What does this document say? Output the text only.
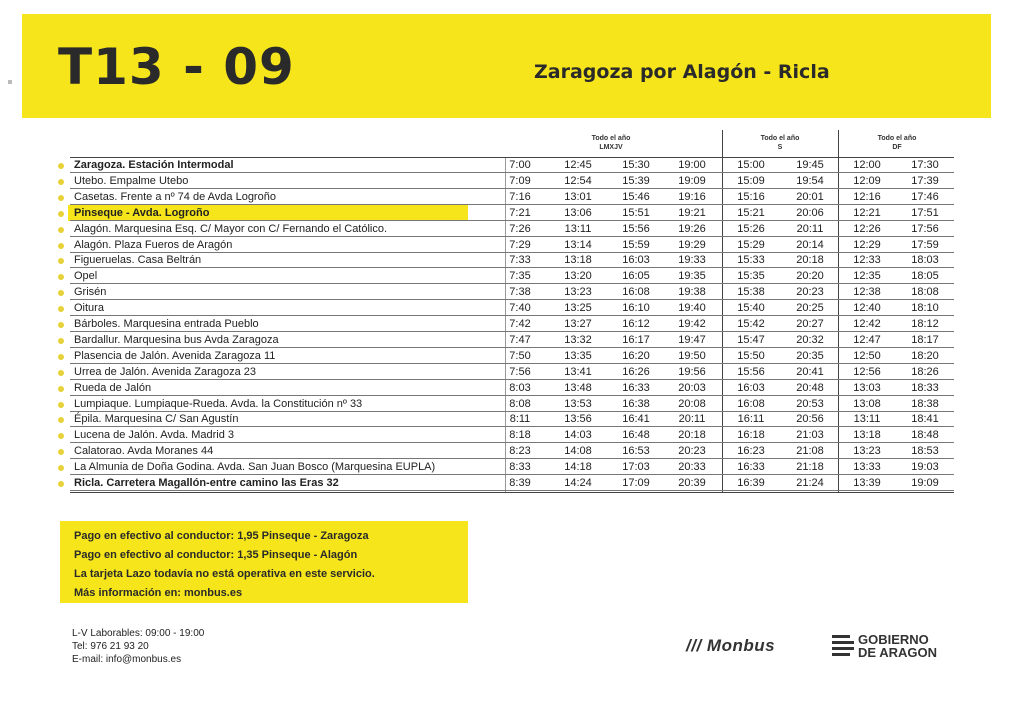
T13 - 09	Zaragoza por Alagón - Ricla
Todo el año
LMXJV
Todo el año
S
Todo el año
DF
Zaragoza. Estación Intermodal	7:00	12:45	15:30	19:00	15:00	19:45	12:00	17:30
Utebo. Empalme Utebo	7:09	12:54	15:39	19:09	15:09	19:54	12:09	17:39
Casetas. Frente a nº 74 de Avda Logroño	7:16	13:01	15:46	19:16	15:16	20:01	12:16	17:46
Pinseque - Avda. Logroño	7:21	13:06	15:51	19:21	15:21	20:06	12:21	17:51
Alagón. Marquesina Esq. C/ Mayor con C/ Fernando el Católico.	7:26	13:11	15:56	19:26	15:26	20:11	12:26	17:56
Alagón. Plaza Fueros de Aragón	7:29	13:14	15:59	19:29	15:29	20:14	12:29	17:59
Figueruelas. Casa Beltrán	7:33	13:18	16:03	19:33	15:33	20:18	12:33	18:03
Opel	7:35	13:20	16:05	19:35	15:35	20:20	12:35	18:05
Grisén	7:38	13:23	16:08	19:38	15:38	20:23	12:38	18:08
Oitura	7:40	13:25	16:10	19:40	15:40	20:25	12:40	18:10
Bárboles. Marquesina entrada Pueblo	7:42	13:27	16:12	19:42	15:42	20:27	12:42	18:12
Bardallur. Marquesina bus Avda Zaragoza	7:47	13:32	16:17	19:47	15:47	20:32	12:47	18:17
Plasencia de Jalón. Avenida Zaragoza 11	7:50	13:35	16:20	19:50	15:50	20:35	12:50	18:20
Urrea de Jalón. Avenida Zaragoza 23	7:56	13:41	16:26	19:56	15:56	20:41	12:56	18:26
Rueda de Jalón	8:03	13:48	16:33	20:03	16:03	20:48	13:03	18:33
Lumpiaque. Lumpiaque-Rueda. Avda. la Constitución nº 33	8:08	13:53	16:38	20:08	16:08	20:53	13:08	18:38
Épila. Marquesina C/ San Agustín	8:11	13:56	16:41	20:11	16:11	20:56	13:11	18:41
Lucena de Jalón. Avda. Madrid 3	8:18	14:03	16:48	20:18	16:18	21:03	13:18	18:48
Calatorao. Avda Moranes 44	8:23	14:08	16:53	20:23	16:23	21:08	13:23	18:53
La Almunia de Doña Godina. Avda. San Juan Bosco (Marquesina EUPLA)	8:33	14:18	17:03	20:33	16:33	21:18	13:33	19:03
Ricla. Carretera Magallón-entre camino las Eras 32	8:39	14:24	17:09	20:39	16:39	21:24	13:39	19:09
Pago en efectivo al conductor: 1,95 Pinseque - Zaragoza
Pago en efectivo al conductor: 1,35 Pinseque - Alagón
La tarjeta Lazo todavía no está operativa en este servicio.
Más información en: monbus.es
L-V Laborables: 09:00 - 19:00
Tel: 976 21 93 20
E-mail: info@monbus.es
/// Monbus	GOBIERNO
DE ARAGON
